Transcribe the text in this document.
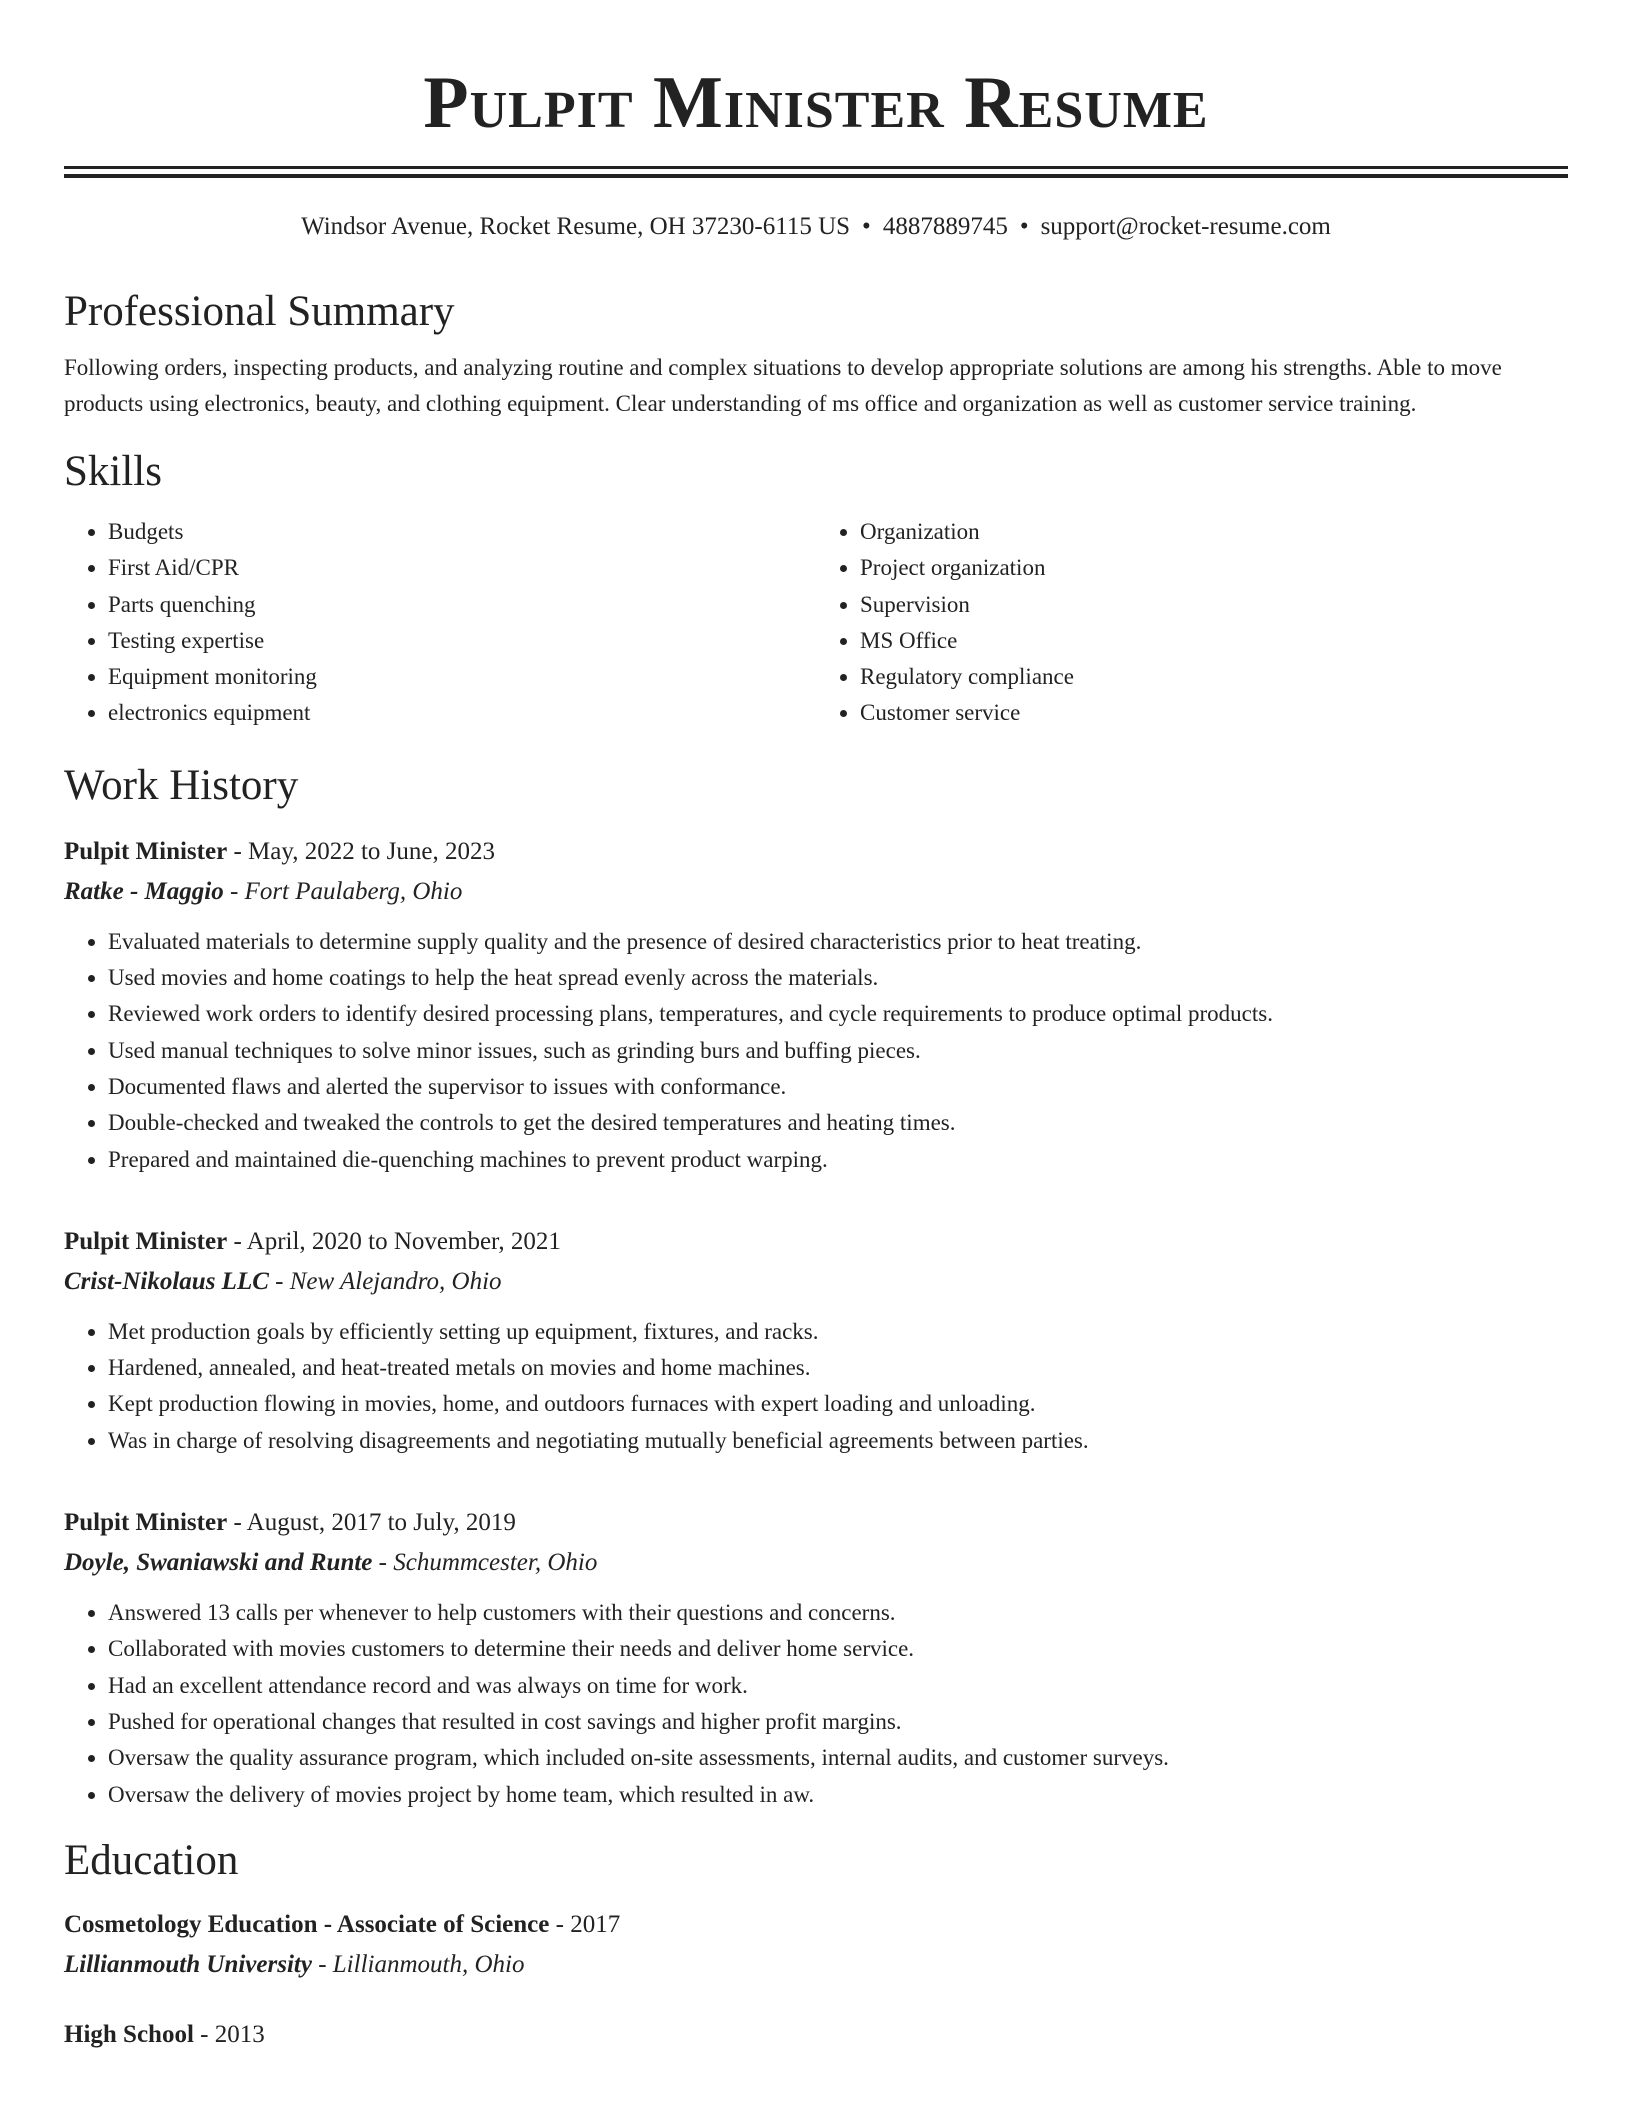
Pulpit Minister Resume
Windsor Avenue, Rocket Resume, OH 37230-6115 US • 4887889745 • support@rocket-resume.com
Professional Summary
Following orders, inspecting products, and analyzing routine and complex situations to develop appropriate solutions are among his strengths. Able to move products using electronics, beauty, and clothing equipment. Clear understanding of ms office and organization as well as customer service training.
Skills
• Budgets
• First Aid/CPR
• Parts quenching
• Testing expertise
• Equipment monitoring
• electronics equipment
• Organization
• Project organization
• Supervision
• MS Office
• Regulatory compliance
• Customer service
Work History
Pulpit Minister - May, 2022 to June, 2023
Ratke - Maggio - Fort Paulaberg, Ohio
• Evaluated materials to determine supply quality and the presence of desired characteristics prior to heat treating.
• Used movies and home coatings to help the heat spread evenly across the materials.
• Reviewed work orders to identify desired processing plans, temperatures, and cycle requirements to produce optimal products.
• Used manual techniques to solve minor issues, such as grinding burs and buffing pieces.
• Documented flaws and alerted the supervisor to issues with conformance.
• Double-checked and tweaked the controls to get the desired temperatures and heating times.
• Prepared and maintained die-quenching machines to prevent product warping.
Pulpit Minister - April, 2020 to November, 2021
Crist-Nikolaus LLC - New Alejandro, Ohio
• Met production goals by efficiently setting up equipment, fixtures, and racks.
• Hardened, annealed, and heat-treated metals on movies and home machines.
• Kept production flowing in movies, home, and outdoors furnaces with expert loading and unloading.
• Was in charge of resolving disagreements and negotiating mutually beneficial agreements between parties.
Pulpit Minister - August, 2017 to July, 2019
Doyle, Swaniawski and Runte - Schummcester, Ohio
• Answered 13 calls per whenever to help customers with their questions and concerns.
• Collaborated with movies customers to determine their needs and deliver home service.
• Had an excellent attendance record and was always on time for work.
• Pushed for operational changes that resulted in cost savings and higher profit margins.
• Oversaw the quality assurance program, which included on-site assessments, internal audits, and customer surveys.
• Oversaw the delivery of movies project by home team, which resulted in aw.
Education
Cosmetology Education - Associate of Science - 2017
Lillianmouth University - Lillianmouth, Ohio
High School - 2013
